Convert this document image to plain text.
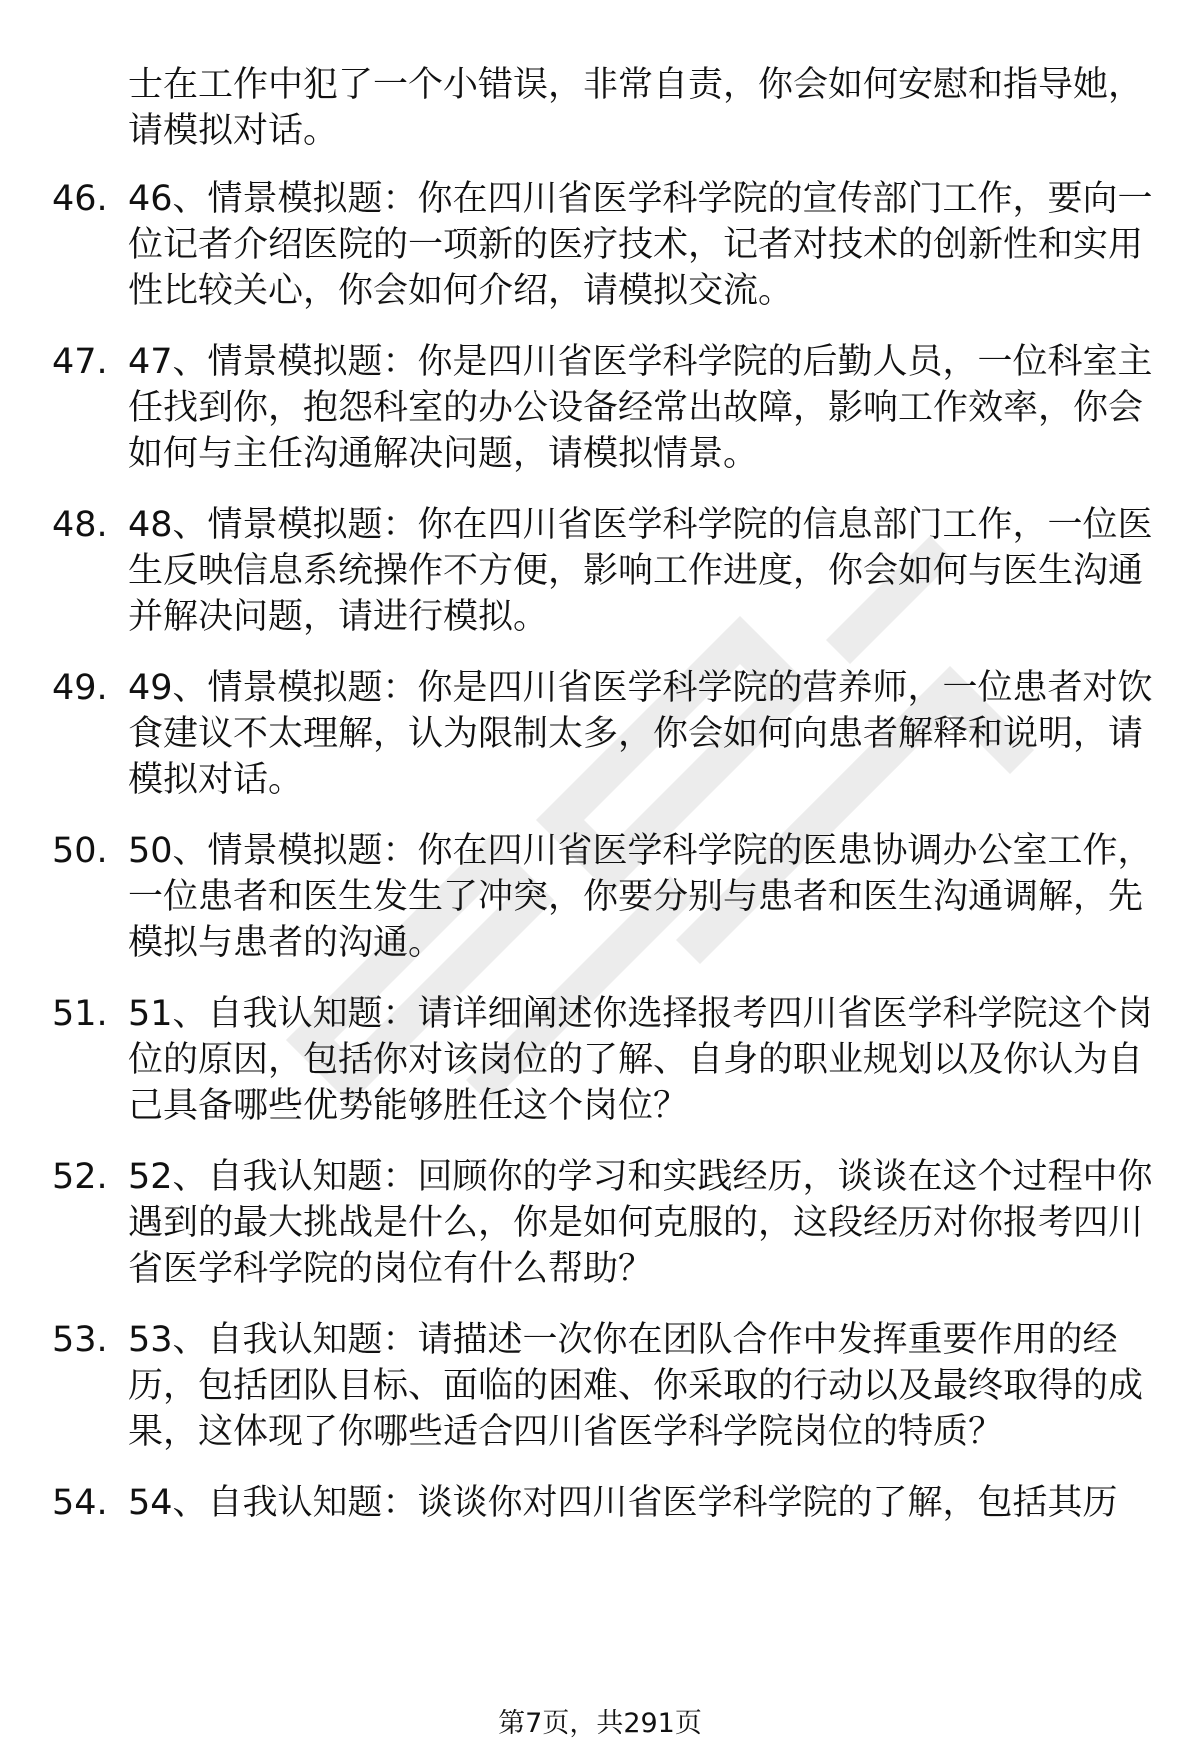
士在工作中犯了一个小错误，非常自责，你会如何安慰和指导她，请模拟对话。
46. 46、情景模拟题：你在四川省医学科学院的宣传部门工作，要向一位记者介绍医院的一项新的医疗技术，记者对技术的创新性和实用性比较关心，你会如何介绍，请模拟交流。
47. 47、情景模拟题：你是四川省医学科学院的后勤人员，一位科室主任找到你，抱怨科室的办公设备经常出故障，影响工作效率，你会如何与主任沟通解决问题，请模拟情景。
48. 48、情景模拟题：你在四川省医学科学院的信息部门工作，一位医生反映信息系统操作不方便，影响工作进度，你会如何与医生沟通并解决问题，请进行模拟。
49. 49、情景模拟题：你是四川省医学科学院的营养师，一位患者对饮食建议不太理解，认为限制太多，你会如何向患者解释和说明，请模拟对话。
50. 50、情景模拟题：你在四川省医学科学院的医患协调办公室工作，一位患者和医生发生了冲突，你要分别与患者和医生沟通调解，先模拟与患者的沟通。
51. 51、自我认知题：请详细阐述你选择报考四川省医学科学院这个岗位的原因，包括你对该岗位的了解、自身的职业规划以及你认为自己具备哪些优势能够胜任这个岗位？
52. 52、自我认知题：回顾你的学习和实践经历，谈谈在这个过程中你遇到的最大挑战是什么，你是如何克服的，这段经历对你报考四川省医学科学院的岗位有什么帮助？
53. 53、自我认知题：请描述一次你在团队合作中发挥重要作用的经历，包括团队目标、面临的困难、你采取的行动以及最终取得的成果，这体现了你哪些适合四川省医学科学院岗位的特质？
54. 54、自我认知题：谈谈你对四川省医学科学院的了解，包括其历
第7页，共291页
